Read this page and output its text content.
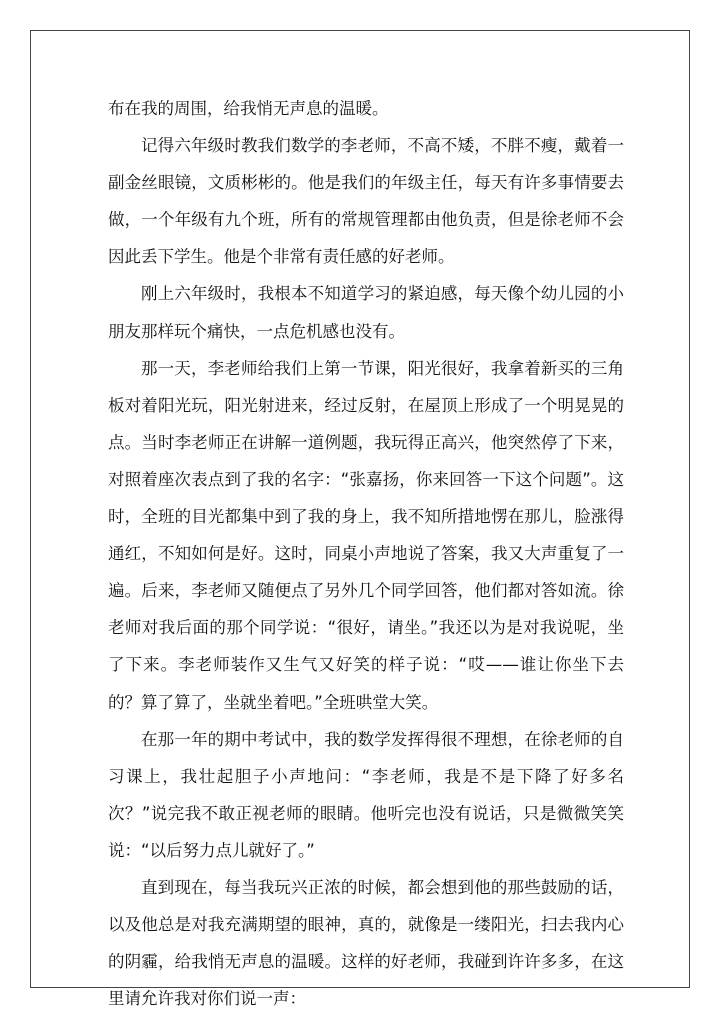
布在我的周围，给我悄无声息的温暖。

记得六年级时教我们数学的李老师，不高不矮，不胖不瘦，戴着一副金丝眼镜，文质彬彬的。他是我们的年级主任，每天有许多事情要去做，一个年级有九个班，所有的常规管理都由他负责，但是徐老师不会因此丢下学生。他是个非常有责任感的好老师。

刚上六年级时，我根本不知道学习的紧迫感，每天像个幼儿园的小朋友那样玩个痛快，一点危机感也没有。

那一天，李老师给我们上第一节课，阳光很好，我拿着新买的三角板对着阳光玩，阳光射进来，经过反射，在屋顶上形成了一个明晃晃的点。当时李老师正在讲解一道例题，我玩得正高兴，他突然停了下来，对照着座次表点到了我的名字：“张嘉扬，你来回答一下这个问题”。这时，全班的目光都集中到了我的身上，我不知所措地愣在那儿，脸涨得通红，不知如何是好。这时，同桌小声地说了答案，我又大声重复了一遍。后来，李老师又随便点了另外几个同学回答，他们都对答如流。徐老师对我后面的那个同学说：“很好，请坐。”我还以为是对我说呢，坐了下来。李老师装作又生气又好笑的样子说：“哎——谁让你坐下去的？算了算了，坐就坐着吧。”全班哄堂大笑。

在那一年的期中考试中，我的数学发挥得很不理想，在徐老师的自习课上，我壮起胆子小声地问：“李老师，我是不是下降了好多名次？”说完我不敢正视老师的眼睛。他听完也没有说话，只是微微笑笑说：“以后努力点儿就好了。”

直到现在，每当我玩兴正浓的时候，都会想到他的那些鼓励的话，以及他总是对我充满期望的眼神，真的，就像是一缕阳光，扫去我内心的阴霾，给我悄无声息的温暖。这样的好老师，我碰到许许多多，在这里请允许我对你们说一声：
